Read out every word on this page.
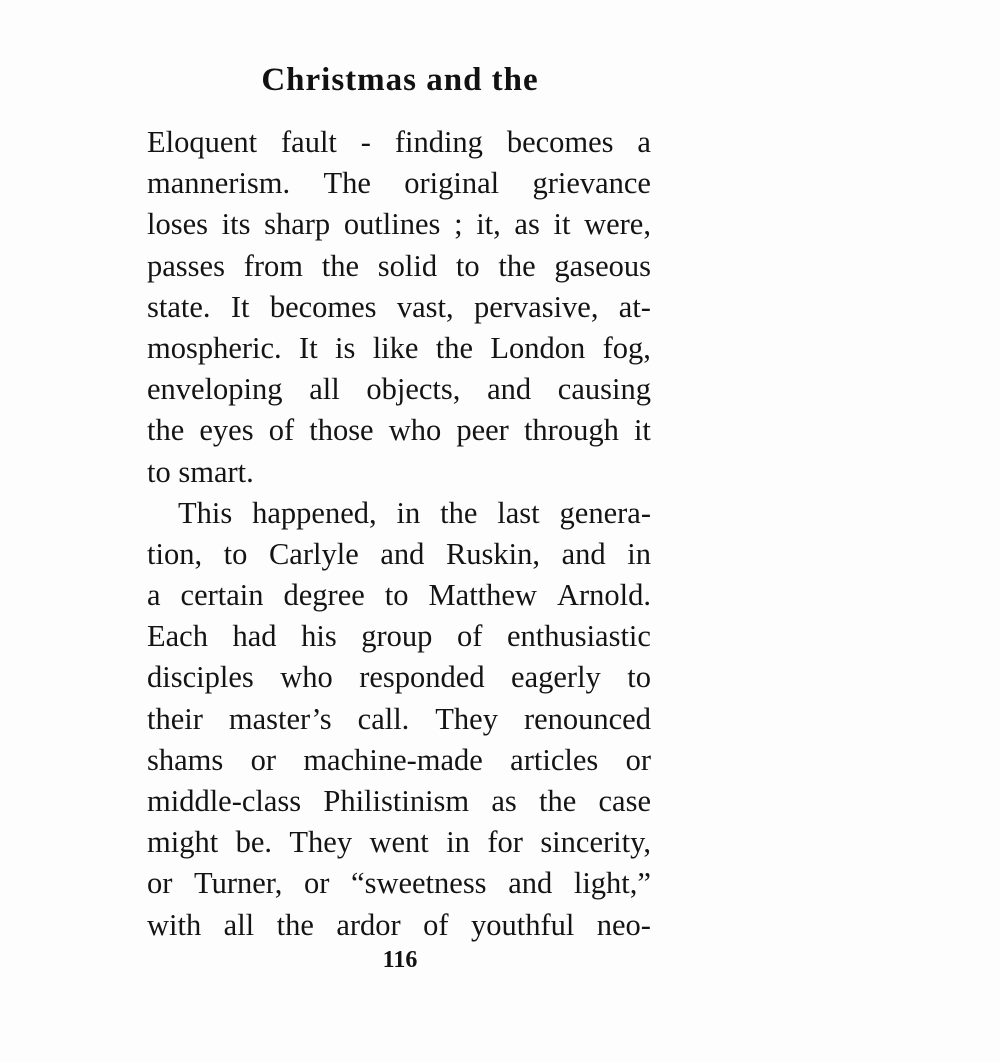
Christmas and the
Eloquent fault - finding becomes a
mannerism. The original grievance
loses its sharp outlines ; it, as it were,
passes from the solid to the gaseous
state. It becomes vast, pervasive, at-
mospheric. It is like the London fog,
enveloping all objects, and causing
the eyes of those who peer through it
to smart.
This happened, in the last genera-
tion, to Carlyle and Ruskin, and in
a certain degree to Matthew Arnold.
Each had his group of enthusiastic
disciples who responded eagerly to
their master’s call. They renounced
shams or machine-made articles or
middle-class Philistinism as the case
might be. They went in for sincerity,
or Turner, or “sweetness and light,”
with all the ardor of youthful neo-
116
